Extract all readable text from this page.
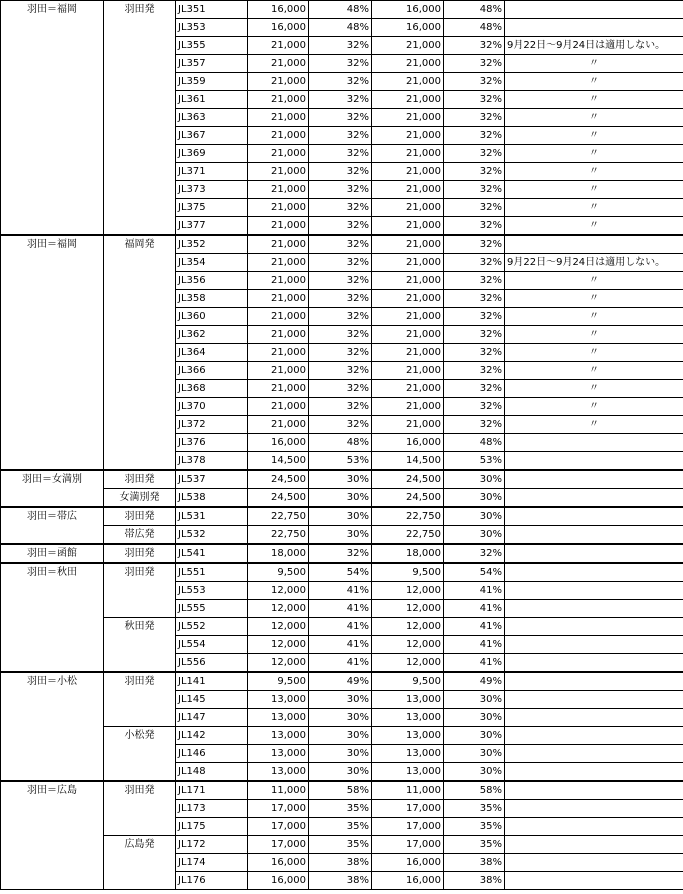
羽田＝福岡	羽田発	JL351	16,000	48%	16,000	48%	
		JL353	16,000	48%	16,000	48%	
		JL355	21,000	32%	21,000	32%	9月22日～9月24日は適用しない。
		JL357	21,000	32%	21,000	32%	〃
		JL359	21,000	32%	21,000	32%	〃
		JL361	21,000	32%	21,000	32%	〃
		JL363	21,000	32%	21,000	32%	〃
		JL367	21,000	32%	21,000	32%	〃
		JL369	21,000	32%	21,000	32%	〃
		JL371	21,000	32%	21,000	32%	〃
		JL373	21,000	32%	21,000	32%	〃
		JL375	21,000	32%	21,000	32%	〃
		JL377	21,000	32%	21,000	32%	〃
羽田＝福岡	福岡発	JL352	21,000	32%	21,000	32%	
		JL354	21,000	32%	21,000	32%	9月22日～9月24日は適用しない。
		JL356	21,000	32%	21,000	32%	〃
		JL358	21,000	32%	21,000	32%	〃
		JL360	21,000	32%	21,000	32%	〃
		JL362	21,000	32%	21,000	32%	〃
		JL364	21,000	32%	21,000	32%	〃
		JL366	21,000	32%	21,000	32%	〃
		JL368	21,000	32%	21,000	32%	〃
		JL370	21,000	32%	21,000	32%	〃
		JL372	21,000	32%	21,000	32%	〃
		JL376	16,000	48%	16,000	48%	
		JL378	14,500	53%	14,500	53%	
羽田＝女満別	羽田発	JL537	24,500	30%	24,500	30%	
	女満別発	JL538	24,500	30%	24,500	30%	
羽田＝帯広	羽田発	JL531	22,750	30%	22,750	30%	
	帯広発	JL532	22,750	30%	22,750	30%	
羽田＝函館	羽田発	JL541	18,000	32%	18,000	32%	
羽田＝秋田	羽田発	JL551	9,500	54%	9,500	54%	
		JL553	12,000	41%	12,000	41%	
		JL555	12,000	41%	12,000	41%	
	秋田発	JL552	12,000	41%	12,000	41%	
		JL554	12,000	41%	12,000	41%	
		JL556	12,000	41%	12,000	41%	
羽田＝小松	羽田発	JL141	9,500	49%	9,500	49%	
		JL145	13,000	30%	13,000	30%	
		JL147	13,000	30%	13,000	30%	
	小松発	JL142	13,000	30%	13,000	30%	
		JL146	13,000	30%	13,000	30%	
		JL148	13,000	30%	13,000	30%	
羽田＝広島	羽田発	JL171	11,000	58%	11,000	58%	
		JL173	17,000	35%	17,000	35%	
		JL175	17,000	35%	17,000	35%	
	広島発	JL172	17,000	35%	17,000	35%	
		JL174	16,000	38%	16,000	38%	
		JL176	16,000	38%	16,000	38%	
